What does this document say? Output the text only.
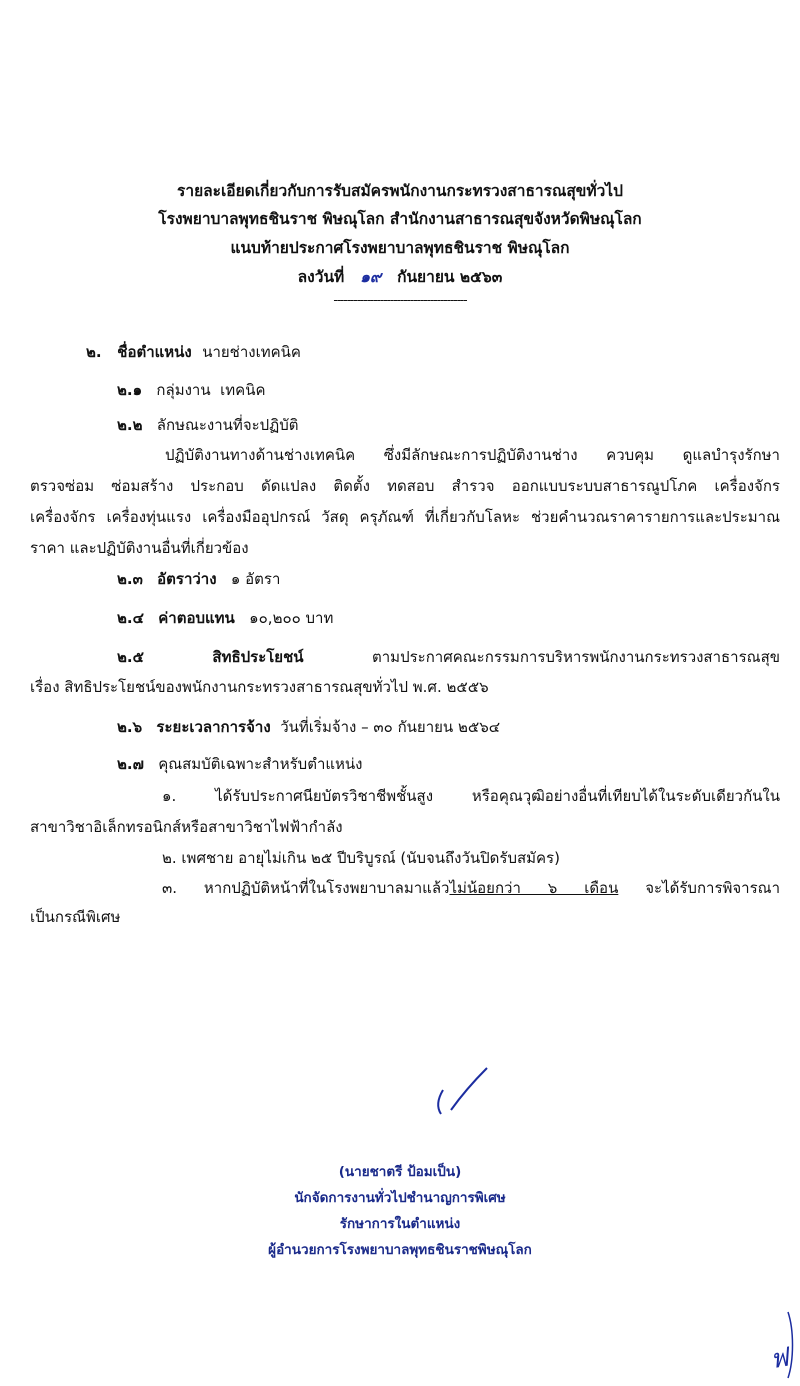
รายละเอียดเกี่ยวกับการรับสมัครพนักงานกระทรวงสาธารณสุขทั่วไป
โรงพยาบาลพุทธชินราช พิษณุโลก สำนักงานสาธารณสุขจังหวัดพิษณุโลก
แนบท้ายประกาศโรงพยาบาลพุทธชินราช พิษณุโลก
ลงวันที่ ๑๙ กันยายน ๒๕๖๓
----------------------------------------
๒. ชื่อตำแหน่ง นายช่างเทคนิค
๒.๑ กลุ่มงาน เทคนิค
๒.๒ ลักษณะงานที่จะปฏิบัติ
ปฏิบัติงานทางด้านช่างเทคนิค ซึ่งมีลักษณะการปฏิบัติงานช่าง ควบคุม ดูแลบำรุงรักษา
ตรวจซ่อม ซ่อมสร้าง ประกอบ ดัดแปลง ติดตั้ง ทดสอบ สำรวจ ออกแบบระบบสาธารณูปโภค เครื่องจักร
เครื่องจักร เครื่องทุ่นแรง เครื่องมืออุปกรณ์ วัสดุ ครุภัณฑ์ ที่เกี่ยวกับโลหะ ช่วยคำนวณราคารายการและประมาณ
ราคา และปฏิบัติงานอื่นที่เกี่ยวข้อง
๒.๓ อัตราว่าง ๑ อัตรา
๒.๔ ค่าตอบแทน ๑๐,๒๐๐ บาท
๒.๕	สิทธิประโยชน์	ตามประกาศคณะกรรมการบริหารพนักงานกระทรวงสาธารณสุข
เรื่อง สิทธิประโยชน์ของพนักงานกระทรวงสาธารณสุขทั่วไป พ.ศ. ๒๕๕๖
๒.๖ ระยะเวลาการจ้าง วันที่เริ่มจ้าง – ๓๐ กันยายน ๒๕๖๔
๒.๗ คุณสมบัติเฉพาะสำหรับตำแหน่ง
๑. ได้รับประกาศนียบัตรวิชาชีพชั้นสูง หรือคุณวุฒิอย่างอื่นที่เทียบได้ในระดับเดียวกันใน
สาขาวิชาอิเล็กทรอนิกส์หรือสาขาวิชาไฟฟ้ากำลัง
๒. เพศชาย อายุไม่เกิน ๒๕ ปีบริบูรณ์ (นับจนถึงวันปิดรับสมัคร)
๓. หากปฏิบัติหน้าที่ในโรงพยาบาลมาแล้วไม่น้อยกว่า ๖ เดือน จะได้รับการพิจารณา
เป็นกรณีพิเศษ
(นายชาตรี ป้อมเป็น)
นักจัดการงานทั่วไปชำนาญการพิเศษ
รักษาการในตำแหน่ง
ผู้อำนวยการโรงพยาบาลพุทธชินราชพิษณุโลก
ฟ
